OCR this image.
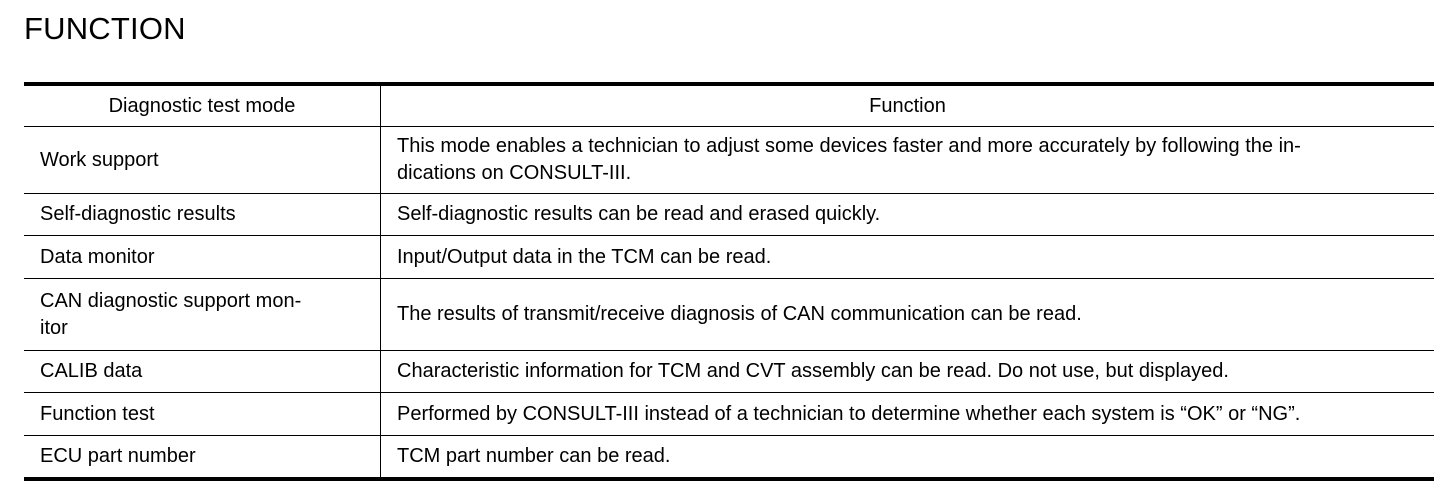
FUNCTION
Diagnostic test mode	Function
Work support	This mode enables a technician to adjust some devices faster and more accurately by following the in-
dications on CONSULT-III.
Self-diagnostic results	Self-diagnostic results can be read and erased quickly.
Data monitor	Input/Output data in the TCM can be read.
CAN diagnostic support mon-
itor	The results of transmit/receive diagnosis of CAN communication can be read.
CALIB data	Characteristic information for TCM and CVT assembly can be read. Do not use, but displayed.
Function test	Performed by CONSULT-III instead of a technician to determine whether each system is “OK” or “NG”.
ECU part number	TCM part number can be read.
